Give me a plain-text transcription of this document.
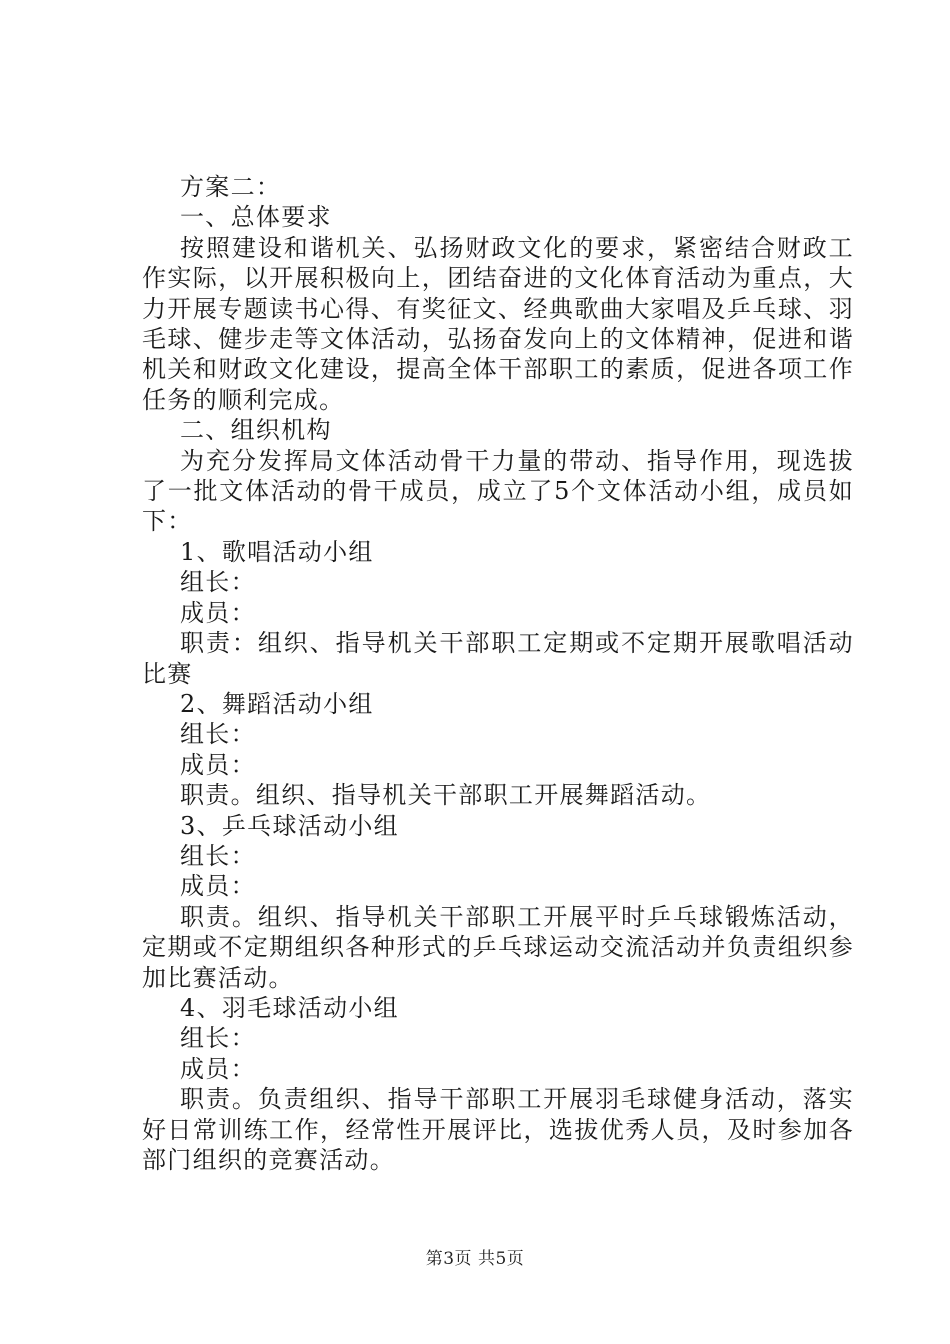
方案二：

一、总体要求

按照建设和谐机关、弘扬财政文化的要求，紧密结合财政工作实际，以开展积极向上，团结奋进的文化体育活动为重点，大力开展专题读书心得、有奖征文、经典歌曲大家唱及乒乓球、羽毛球、健步走等文体活动，弘扬奋发向上的文体精神，促进和谐机关和财政文化建设，提高全体干部职工的素质，促进各项工作任务的顺利完成。

二、组织机构

为充分发挥局文体活动骨干力量的带动、指导作用，现选拔了一批文体活动的骨干成员，成立了5个文体活动小组，成员如下：

1、歌唱活动小组

组长：

成员：

职责：组织、指导机关干部职工定期或不定期开展歌唱活动比赛

2、舞蹈活动小组

组长：

成员：

职责。组织、指导机关干部职工开展舞蹈活动。

3、乒乓球活动小组

组长：

成员：

职责。组织、指导机关干部职工开展平时乒乓球锻炼活动，定期或不定期组织各种形式的乒乓球运动交流活动并负责组织参加比赛活动。

4、羽毛球活动小组

组长：

成员：

职责。负责组织、指导干部职工开展羽毛球健身活动，落实好日常训练工作，经常性开展评比，选拔优秀人员，及时参加各部门组织的竞赛活动。

第3页 共5页
